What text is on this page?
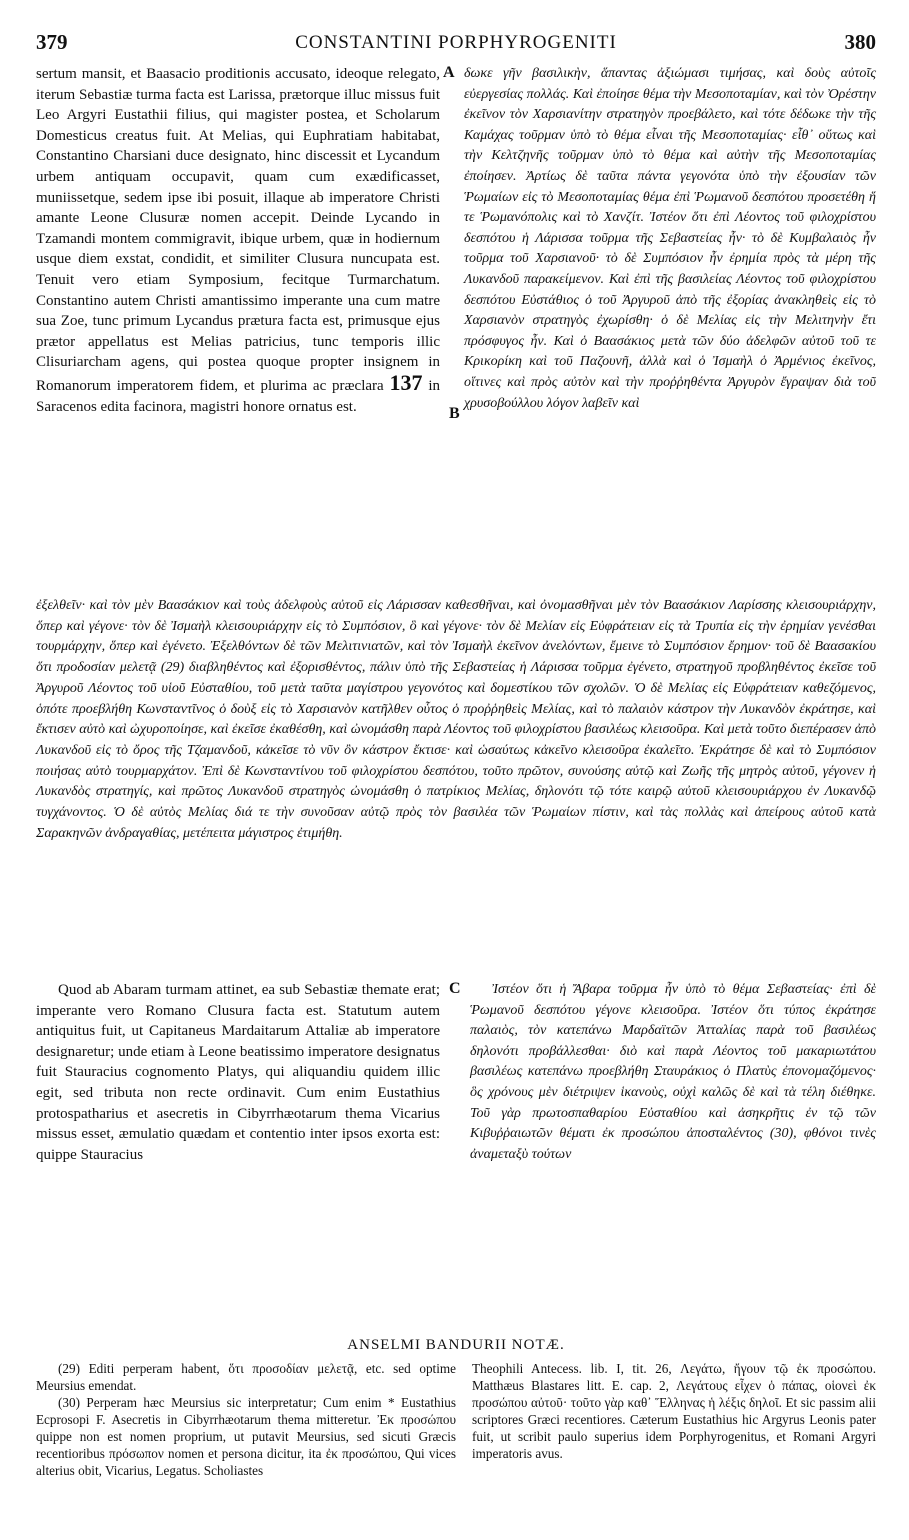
379	CONSTANTINI PORPHYROGENITI	380

sertum mansit, et Baasacio proditionis accusato, ideoque relegato, iterum Sebastiæ turma facta est Larissa, prætorque illuc missus fuit Leo Argyri Eustathii filius, qui magister postea, et Scholarum Domesticus creatus fuit. At Melias, qui Euphratiam habitabat, Constantino Charsiani duce designato, hinc discessit et Lycandum urbem antiquam occupavit, quam cum exædificasset, muniissetque, sedem ipse ibi posuit, illaque ab imperatore Christi amante Leone Clusuræ nomen accepit. Deinde Lycando in Tzamandi montem commigravit, ibique urbem, quæ in hodiernum usque diem exstat, condidit, et similiter Clusura nuncupata est. Tenuit vero etiam Symposium, fecitque Turmarchatum. Constantino autem Christi amantissimo imperante una cum matre sua Zoe, tunc primum Lycandus prætura facta est, primusque ejus prætor appellatus est Melias patricius, tunc temporis illic Clisuriarcham agens, qui postea quoque propter insignem in Romanorum imperatorem fidem, et plurima ac præclara 137 in Saracenos edita facinora, magistri honore ornatus est.

A
B

δωκε γῆν βασιλικὴν, ἅπαντας ἀξιώμασι τιμήσας, καὶ δοὺς αὐτοῖς εὐεργεσίας πολλάς. Καὶ ἐποίησε θέμα τὴν Μεσοποταμίαν, καὶ τὸν Ὀρέστην ἐκεῖνον τὸν Χαρσιανίτην στρατηγὸν προεβάλετο, καὶ τότε δέδωκε τὴν τῆς Καμάχας τοῦρμαν ὑπὸ τὸ θέμα εἶναι τῆς Μεσοποταμίας· εἶθ᾽ οὕτως καὶ τὴν Κελτζηνῆς τοῦρμαν ὑπὸ τὸ θέμα καὶ αὐτὴν τῆς Μεσοποταμίας ἐποίησεν. Ἀρτίως δὲ ταῦτα πάντα γεγονότα ὑπὸ τὴν ἐξουσίαν τῶν Ῥωμαίων εἰς τὸ Μεσοποταμίας θέμα ἐπὶ Ῥωμανοῦ δεσπότου προσετέθη ἥ τε Ῥωμανόπολις καὶ τὸ Χανζίτ. Ἰστέον ὅτι ἐπὶ Λέοντος τοῦ φιλοχρίστου δεσπότου ἡ Λάρισσα τοῦρμα τῆς Σεβαστείας ἦν· τὸ δὲ Κυμβαλαιὸς ἦν τοῦρμα τοῦ Χαρσιανοῦ· τὸ δὲ Συμπόσιον ἦν ἐρημία πρὸς τὰ μέρη τῆς Λυκανδοῦ παρακείμενον. Καὶ ἐπὶ τῆς βασιλείας Λέοντος τοῦ φιλοχρίστου δεσπότου Εὐστάθιος ὁ τοῦ Ἀργυροῦ ἀπὸ τῆς ἐξορίας ἀνακληθεὶς εἰς τὸ Χαρσιανὸν στρατηγὸς ἐχωρίσθη· ὁ δὲ Μελίας εἰς τὴν Μελιτηνὴν ἔτι πρόσφυγος ἦν. Καὶ ὁ Βαασάκιος μετὰ τῶν δύο ἀδελφῶν αὐτοῦ τοῦ τε Κρικορίκη καὶ τοῦ Παζουνῆ, ἀλλὰ καὶ ὁ Ἰσμαὴλ ὁ Ἀρμένιος ἐκεῖνος, οἵτινες καὶ πρὸς αὐτὸν καὶ τὴν προῤῥηθέντα Ἀργυρὸν ἔγραψαν διὰ τοῦ χρυσοβούλλου λόγον λαβεῖν καὶ

ἐξελθεῖν· καὶ τὸν μὲν Βαασάκιον καὶ τοὺς ἀδελφοὺς αὐτοῦ εἰς Λάρισσαν καθεσθῆναι, καὶ ὀνομασθῆναι μὲν τὸν Βαασάκιον Λαρίσσης κλεισουριάρχην, ὅπερ καὶ γέγονε· τὸν δὲ Ἰσμαὴλ κλεισουριάρχην εἰς τὸ Συμπόσιον, ὃ καὶ γέγονε· τὸν δὲ Μελίαν εἰς Εὐφράτειαν εἰς τὰ Τρυπία εἰς τὴν ἐρημίαν γενέσθαι τουρμάρχην, ὅπερ καὶ ἐγένετο. Ἐξελθόντων δὲ τῶν Μελιτινιατῶν, καὶ τὸν Ἰσμαὴλ ἐκεῖνον ἀνελόντων, ἔμεινε τὸ Συμπόσιον ἔρημον· τοῦ δὲ Βαασακίου ὅτι προδοσίαν μελετᾷ (29) διαβληθέντος καὶ ἐξορισθέντος, πάλιν ὑπὸ τῆς Σεβαστείας ἡ Λάρισσα τοῦρμα ἐγένετο, στρατηγοῦ προβληθέντος ἐκεῖσε τοῦ Ἀργυροῦ Λέοντος τοῦ υἱοῦ Εὐσταθίου, τοῦ μετὰ ταῦτα μαγίστρου γεγονότος καὶ δομεστίκου τῶν σχολῶν. Ὁ δὲ Μελίας εἰς Εὐφράτειαν καθεζόμενος, ὁπότε προεβλήθη Κωνσταντῖνος ὁ δοὺξ εἰς τὸ Χαρσιανὸν κατῆλθεν οὗτος ὁ προῤῥηθεὶς Μελίας, καὶ τὸ παλαιὸν κάστρον τὴν Λυκανδὸν ἐκράτησε, καὶ ἔκτισεν αὐτὸ καὶ ὠχυροποίησε, καὶ ἐκεῖσε ἐκαθέσθη, καὶ ὠνομάσθη παρὰ Λέοντος τοῦ φιλοχρίστου βασιλέως κλεισοῦρα. Καὶ μετὰ τοῦτο διεπέρασεν ἀπὸ Λυκανδοῦ εἰς τὸ ὄρος τῆς Τζαμανδοῦ, κἀκεῖσε τὸ νῦν ὂν κάστρον ἔκτισε· καὶ ὡσαύτως κἀκεῖνο κλεισοῦρα ἐκαλεῖτο. Ἐκράτησε δὲ καὶ τὸ Συμπόσιον ποιήσας αὐτὸ τουρμαρχάτον. Ἐπὶ δὲ Κωνσταντίνου τοῦ φιλοχρίστου δεσπότου, τοῦτο πρῶτον, συνούσης αὐτῷ καὶ Ζωῆς τῆς μητρὸς αὐτοῦ, γέγονεν ἡ Λυκανδὸς στρατηγίς, καὶ πρῶτος Λυκανδοῦ στρατηγὸς ὠνομάσθη ὁ πατρίκιος Μελίας, δηλονότι τῷ τότε καιρῷ αὐτοῦ κλεισουριάρχου ἐν Λυκανδῷ τυγχάνοντος. Ὁ δὲ αὐτὸς Μελίας διά τε τὴν συνοῦσαν αὐτῷ πρὸς τὸν βασιλέα τῶν Ῥωμαίων πίστιν, καὶ τὰς πολλὰς καὶ ἀπείρους αὐτοῦ κατὰ Σαρακηνῶν ἀνδραγαθίας, μετέπειτα μάγιστρος ἐτιμήθη.

Quod ab Abaram turmam attinet, ea sub Sebastiæ themate erat; imperante vero Romano Clusura facta est. Statutum autem antiquitus fuit, ut Capitaneus Mardaitarum Attaliæ ab imperatore designaretur; unde etiam à Leone beatissimo imperatore designatus fuit Stauracius cognomento Platys, qui aliquandiu quidem illic egit, sed tributa non recte ordinavit. Cum enim Eustathius protospatharius et asecretis in Cibyrrhæotarum thema Vicarius missus esset, æmulatio quædam et contentio inter ipsos exorta est: quippe Stauracius

C	Ἰστέον ὅτι ἡ Ἄβαρα τοῦρμα ἦν ὑπὸ τὸ θέμα Σεβαστείας· ἐπὶ δὲ Ῥωμανοῦ δεσπότου γέγονε κλεισοῦρα. Ἰστέον ὅτι τύπος ἐκράτησε παλαιὸς, τὸν κατεπάνω Μαρδαϊτῶν Ἀτταλίας παρὰ τοῦ βασιλέως δηλονότι προβάλλεσθαι· διὸ καὶ παρὰ Λέοντος τοῦ μακαριωτάτου βασιλέως κατεπάνω προεβλήθη Σταυράκιος ὁ Πλατὺς ἐπονομαζόμενος· ὃς χρόνους μὲν διέτριψεν ἱκανοὺς, οὐχὶ καλῶς δὲ καὶ τὰ τέλη διέθηκε. Τοῦ γὰρ πρωτοσπαθαρίου Εὐσταθίου καὶ ἀσηκρῆτις ἐν τῷ τῶν Κιβυῤῥαιωτῶν θέματι ἐκ προσώπου ἀποσταλέντος (30), φθόνοι τινὲς ἀναμεταξὺ τούτων

ANSELMI BANDURII NOTÆ.

(29) Editi perperam habent, ὅτι προσοδίαν μελετᾷ, etc. sed optime Meursius emendat.

(30) Perperam hæc Meursius sic interpretatur; Cum enim * Eustathius Ecprosopi F. Asecretis in Cibyrrhæotarum thema mitteretur. Ἐκ προσώπου quippe non est nomen proprium, ut putavit Meursius, sed sicuti Græcis recentioribus πρόσωπον nomen et persona dicitur, ita ἐκ προσώπου, Qui vices alterius obit, Vicarius, Legatus. Scholiastes

Theophili Antecess. lib. I, tit. 26, Λεγάτω, ἤγουν τῷ ἐκ προσώπου. Matthæus Blastares litt. E. cap. 2, Λεγάτους εἶχεν ὁ πάπας, οἱονεὶ ἐκ προσώπου αὐτοῦ· τοῦτο γὰρ καθ᾽ Ἕλληνας ἡ λέξις δηλοῖ. Et sic passim alii scriptores Græci recentiores. Cæterum Eustathius hic Argyrus Leonis pater fuit, ut scribit paulo superius idem Porphyrogenitus, et Romani Argyri imperatoris avus.
